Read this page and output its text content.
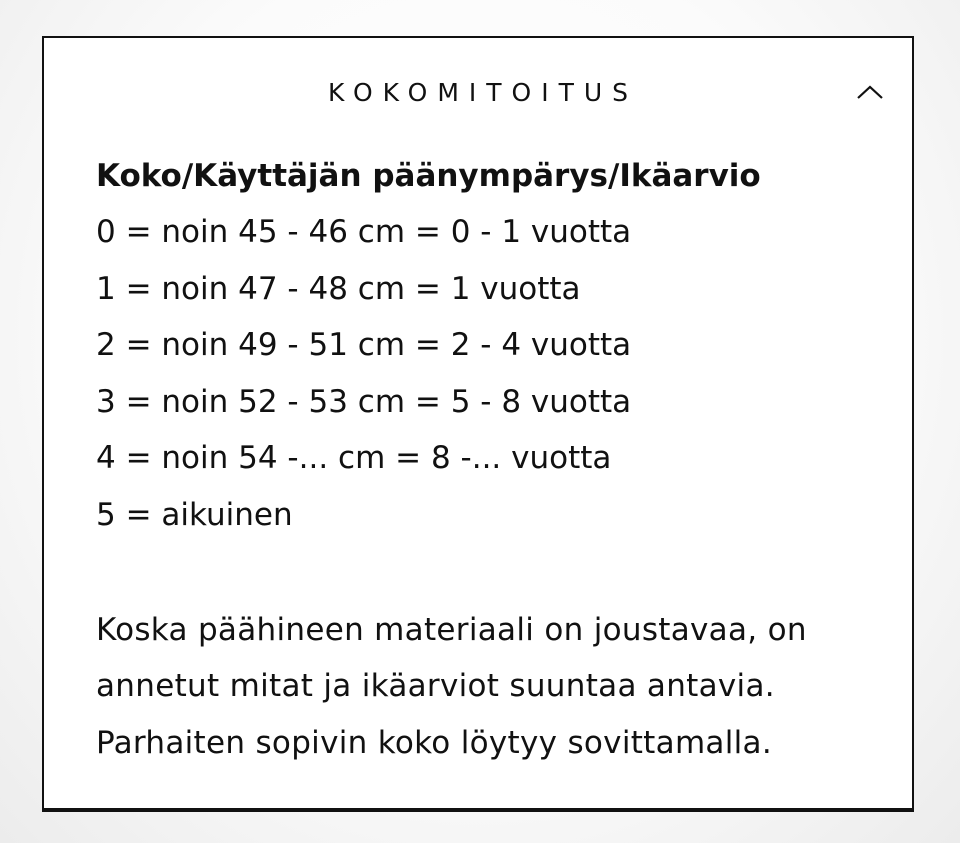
KOKOMITOITUS

Koko/Käyttäjän päänympärys/Ikäarvio

0 = noin 45 - 46 cm = 0 - 1 vuotta
1 = noin 47 - 48 cm = 1 vuotta
2 = noin 49 - 51 cm = 2 - 4 vuotta
3 = noin 52 - 53 cm = 5 - 8 vuotta
4 = noin 54 -... cm = 8 -... vuotta
5 = aikuinen

Koska päähineen materiaali on joustavaa, on annetut mitat ja ikäarviot suuntaa antavia. Parhaiten sopivin koko löytyy sovittamalla.
